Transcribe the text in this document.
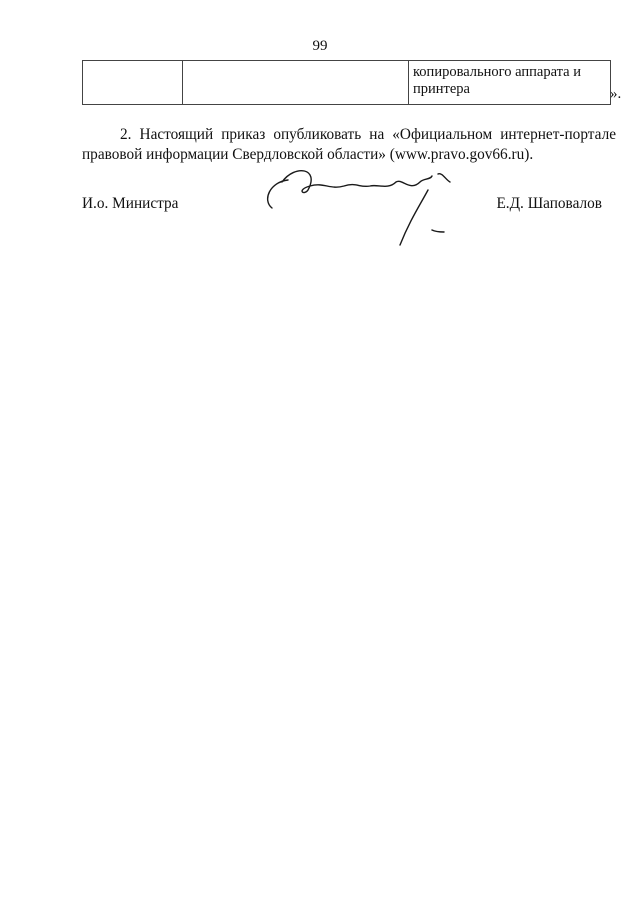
99
		копировального аппарата и принтера	».
2. Настоящий приказ опубликовать на «Официальном интернет-портале правовой информации Свердловской области» (www.pravo.gov66.ru).
И.о. Министра	Е.Д. Шаповалов
